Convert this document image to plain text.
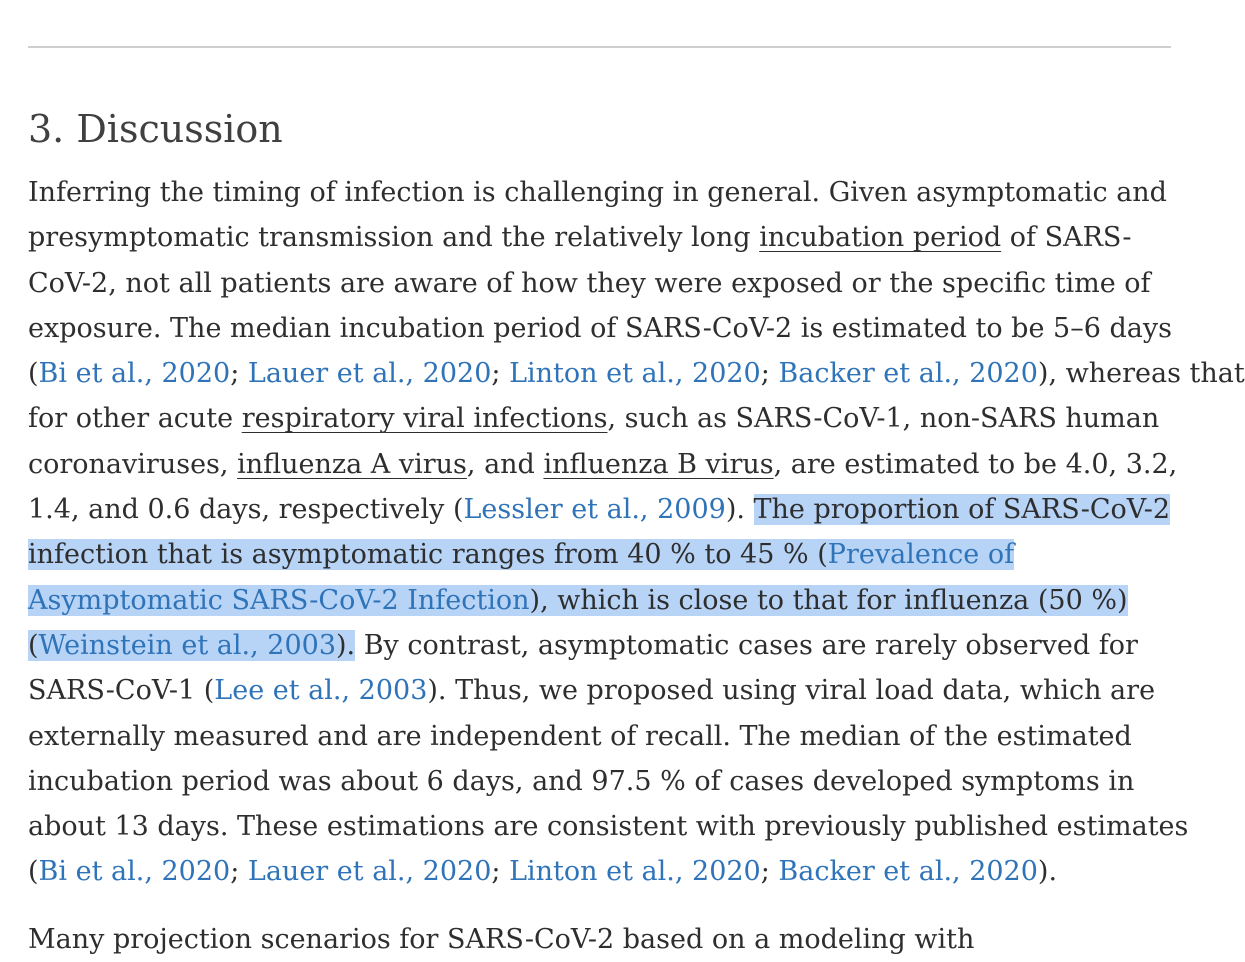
3. Discussion

Inferring the timing of infection is challenging in general. Given asymptomatic and
presymptomatic transmission and the relatively long incubation period of SARS-
CoV-2, not all patients are aware of how they were exposed or the specific time of
exposure. The median incubation period of SARS-CoV-2 is estimated to be 5–6 days
(Bi et al., 2020; Lauer et al., 2020; Linton et al., 2020; Backer et al., 2020), whereas that
for other acute respiratory viral infections, such as SARS-CoV-1, non-SARS human
coronaviruses, influenza A virus, and influenza B virus, are estimated to be 4.0, 3.2,
1.4, and 0.6 days, respectively (Lessler et al., 2009). The proportion of SARS-CoV-2
infection that is asymptomatic ranges from 40 % to 45 % (Prevalence of
Asymptomatic SARS-CoV-2 Infection), which is close to that for influenza (50 %)
(Weinstein et al., 2003). By contrast, asymptomatic cases are rarely observed for
SARS-CoV-1 (Lee et al., 2003). Thus, we proposed using viral load data, which are
externally measured and are independent of recall. The median of the estimated
incubation period was about 6 days, and 97.5 % of cases developed symptoms in
about 13 days. These estimations are consistent with previously published estimates
(Bi et al., 2020; Lauer et al., 2020; Linton et al., 2020; Backer et al., 2020).

Many projection scenarios for SARS-CoV-2 based on a modeling with
